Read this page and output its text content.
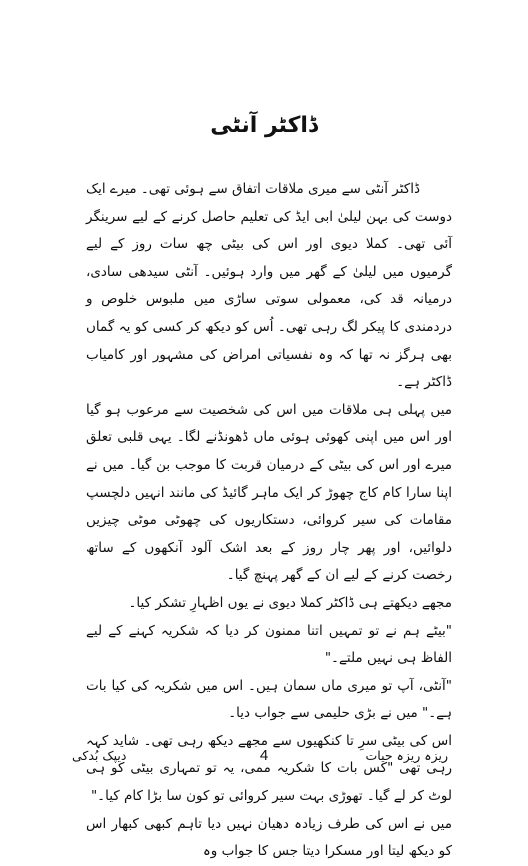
ڈاکٹر آنٹی

ڈاکٹر آنٹی سے میری ملاقات اتفاق سے ہوئی تھی۔ میرے ایک دوست کی بہن لیلیٰ ابی ایڈ کی تعلیم حاصل کرنے کے لیے سرینگر آئی تھی۔ کملا دیوی اور اس کی بیٹی چھ سات روز کے لیے گرمیوں میں لیلیٰ کے گھر میں وارد ہوئیں۔ آنٹی سیدھی سادی، درمیانہ قد کی، معمولی سوتی ساڑی میں ملبوس خلوص و دردمندی کا پیکر لگ رہی تھی۔ اُس کو دیکھ کر کسی کو یہ گماں بھی ہرگز نہ تھا کہ وہ نفسیاتی امراض کی مشہور اور کامیاب ڈاکٹر ہے۔

میں پہلی ہی ملاقات میں اس کی شخصیت سے مرعوب ہو گیا اور اس میں اپنی کھوئی ہوئی ماں ڈھونڈنے لگا۔ یہی قلبی تعلق میرے اور اس کی بیٹی کے درمیان قربت کا موجب بن گیا۔ میں نے اپنا سارا کام کاج چھوڑ کر ایک ماہر گائیڈ کی مانند انہیں دلچسپ مقامات کی سیر کروائی، دستکاریوں کی چھوٹی موٹی چیزیں دلوائیں، اور پھر چار روز کے بعد اشک آلود آنکھوں کے ساتھ رخصت کرنے کے لیے ان کے گھر پہنچ گیا۔

مجھے دیکھتے ہی ڈاکٹر کملا دیوی نے یوں اظہارِ تشکر کیا۔

"بیٹے ہم نے تو تمہیں اتنا ممنون کر دیا کہ شکریہ کہنے کے لیے الفاظ ہی نہیں ملتے۔"

"آنٹی، آپ تو میری ماں سمان ہیں۔ اس میں شکریہ کی کیا بات ہے۔" میں نے بڑی حلیمی سے جواب دیا۔

اس کی بیٹی سرِ تا کنکھیوں سے مجھے دیکھ رہی تھی۔ شاید کہہ رہی تھی "کس بات کا شکریہ ممی، یہ تو تمہاری بیٹی کو ہی لوٹ کر لے گیا۔ تھوڑی بہت سیر کروائی تو کون سا بڑا کام کیا۔"

میں نے اس کی طرف زیادہ دھیان نہیں دیا تاہم کبھی کبھار اس کو دیکھ لیتا اور مسکرا دیتا جس کا جواب وہ

ریزہ ریزہ حیات
4
دیپک بُدکی
